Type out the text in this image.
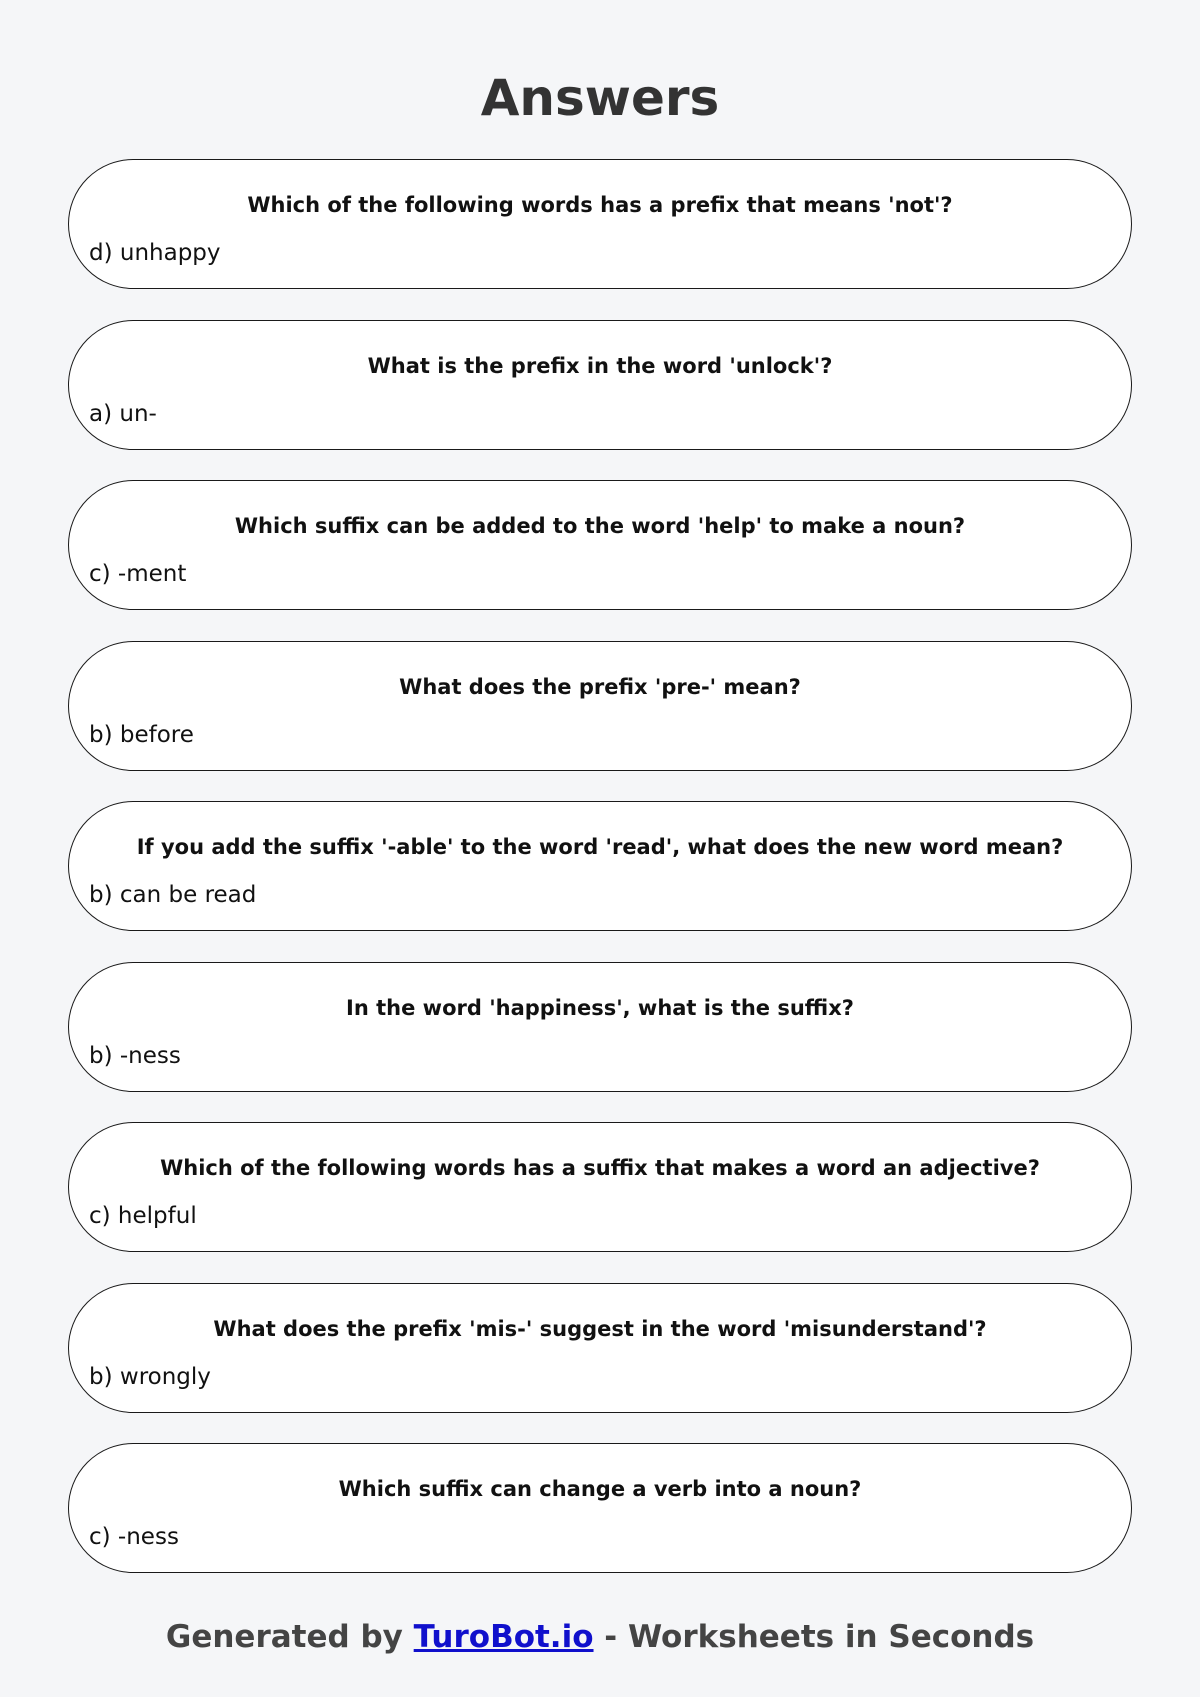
Answers
Which of the following words has a prefix that means 'not'?
d) unhappy
What is the prefix in the word 'unlock'?
a) un-
Which suffix can be added to the word 'help' to make a noun?
c) -ment
What does the prefix 'pre-' mean?
b) before
If you add the suffix '-able' to the word 'read', what does the new word mean?
b) can be read
In the word 'happiness', what is the suffix?
b) -ness
Which of the following words has a suffix that makes a word an adjective?
c) helpful
What does the prefix 'mis-' suggest in the word 'misunderstand'?
b) wrongly
Which suffix can change a verb into a noun?
c) -ness
Generated by TuroBot.io - Worksheets in Seconds
